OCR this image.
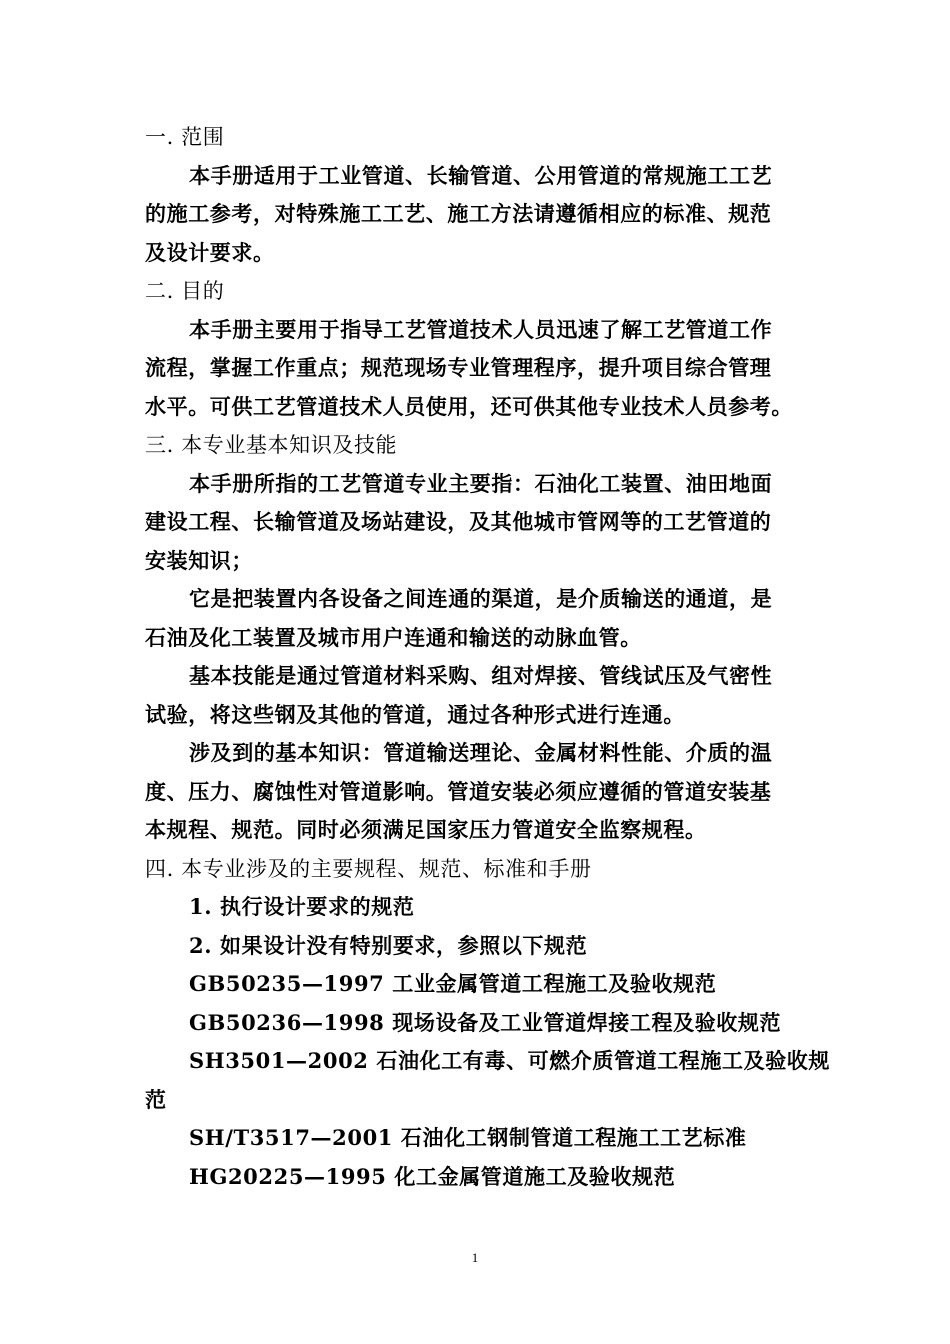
一. 范围
本手册适用于工业管道、长输管道、公用管道的常规施工工艺
的施工参考，对特殊施工工艺、施工方法请遵循相应的标准、规范
及设计要求。
二. 目的
本手册主要用于指导工艺管道技术人员迅速了解工艺管道工作
流程，掌握工作重点；规范现场专业管理程序，提升项目综合管理
水平。可供工艺管道技术人员使用，还可供其他专业技术人员参考。
三. 本专业基本知识及技能
本手册所指的工艺管道专业主要指：石油化工装置、油田地面
建设工程、长输管道及场站建设，及其他城市管网等的工艺管道的
安装知识；
它是把装置内各设备之间连通的渠道，是介质输送的通道，是
石油及化工装置及城市用户连通和输送的动脉血管。
基本技能是通过管道材料采购、组对焊接、管线试压及气密性
试验，将这些钢及其他的管道，通过各种形式进行连通。
涉及到的基本知识：管道输送理论、金属材料性能、介质的温
度、压力、腐蚀性对管道影响。管道安装必须应遵循的管道安装基
本规程、规范。同时必须满足国家压力管道安全监察规程。
四. 本专业涉及的主要规程、规范、标准和手册
1. 执行设计要求的规范
2. 如果设计没有特别要求，参照以下规范
GB50235—1997 工业金属管道工程施工及验收规范
GB50236—1998 现场设备及工业管道焊接工程及验收规范
SH3501—2002 石油化工有毒、可燃介质管道工程施工及验收规
范
SH/T3517—2001 石油化工钢制管道工程施工工艺标准
HG20225—1995 化工金属管道施工及验收规范
1
